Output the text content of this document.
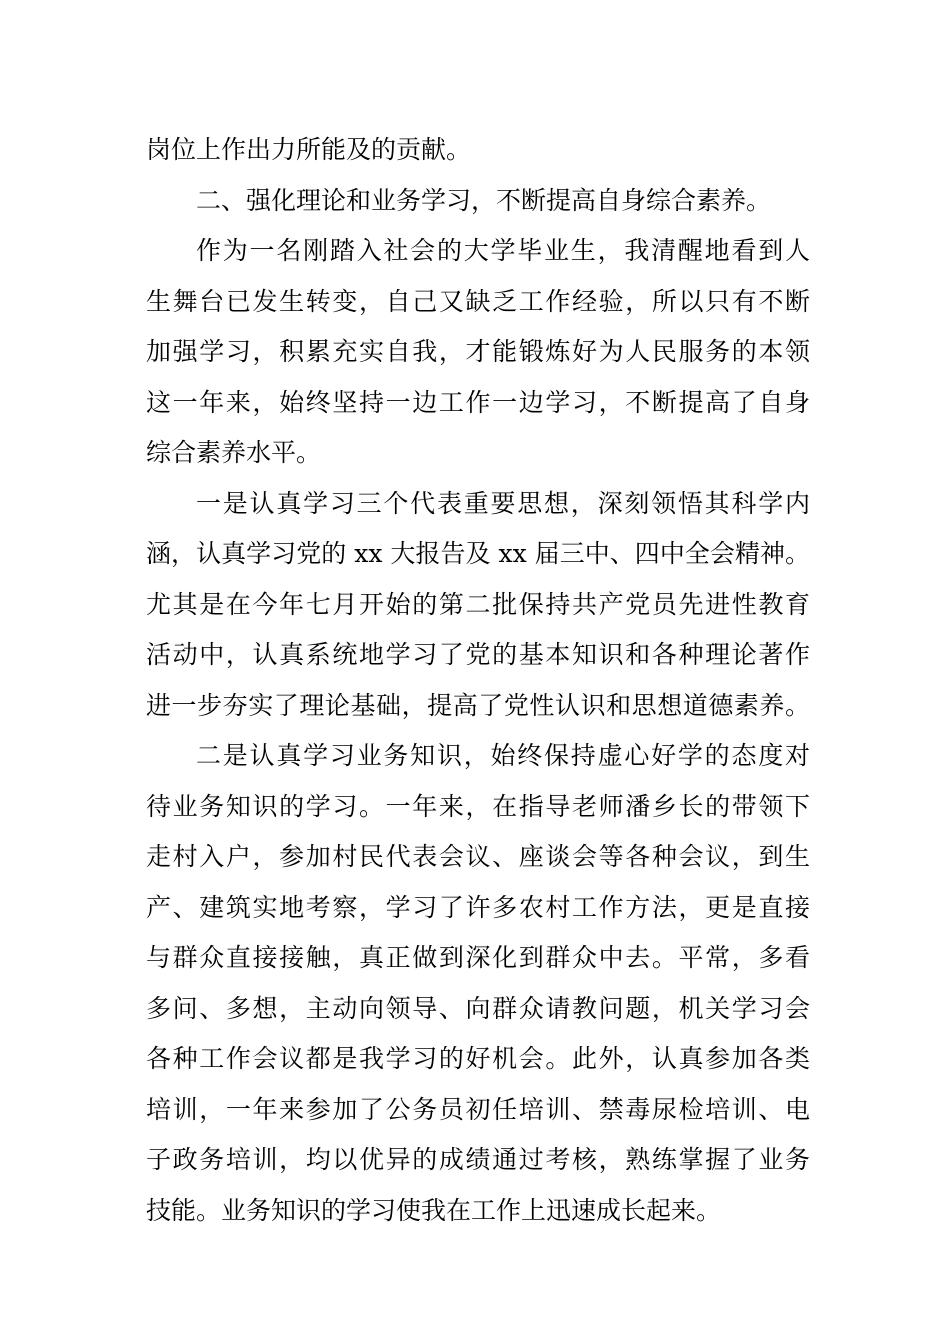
岗位上作出力所能及的贡献。
二、强化理论和业务学习，不断提高自身综合素养。
作为一名刚踏入社会的大学毕业生，我清醒地看到人
生舞台已发生转变，自己又缺乏工作经验，所以只有不断
加强学习，积累充实自我，才能锻炼好为人民服务的本领
这一年来，始终坚持一边工作一边学习，不断提高了自身
综合素养水平。
一是认真学习三个代表重要思想，深刻领悟其科学内
涵，认真学习党的 xx 大报告及 xx 届三中、四中全会精神。
尤其是在今年七月开始的第二批保持共产党员先进性教育
活动中，认真系统地学习了党的基本知识和各种理论著作
进一步夯实了理论基础，提高了党性认识和思想道德素养。
二是认真学习业务知识，始终保持虚心好学的态度对
待业务知识的学习。一年来，在指导老师潘乡长的带领下
走村入户，参加村民代表会议、座谈会等各种会议，到生
产、建筑实地考察，学习了许多农村工作方法，更是直接
与群众直接接触，真正做到深化到群众中去。平常，多看
多问、多想，主动向领导、向群众请教问题，机关学习会
各种工作会议都是我学习的好机会。此外，认真参加各类
培训，一年来参加了公务员初任培训、禁毒尿检培训、电
子政务培训，均以优异的成绩通过考核，熟练掌握了业务
技能。业务知识的学习使我在工作上迅速成长起来。
